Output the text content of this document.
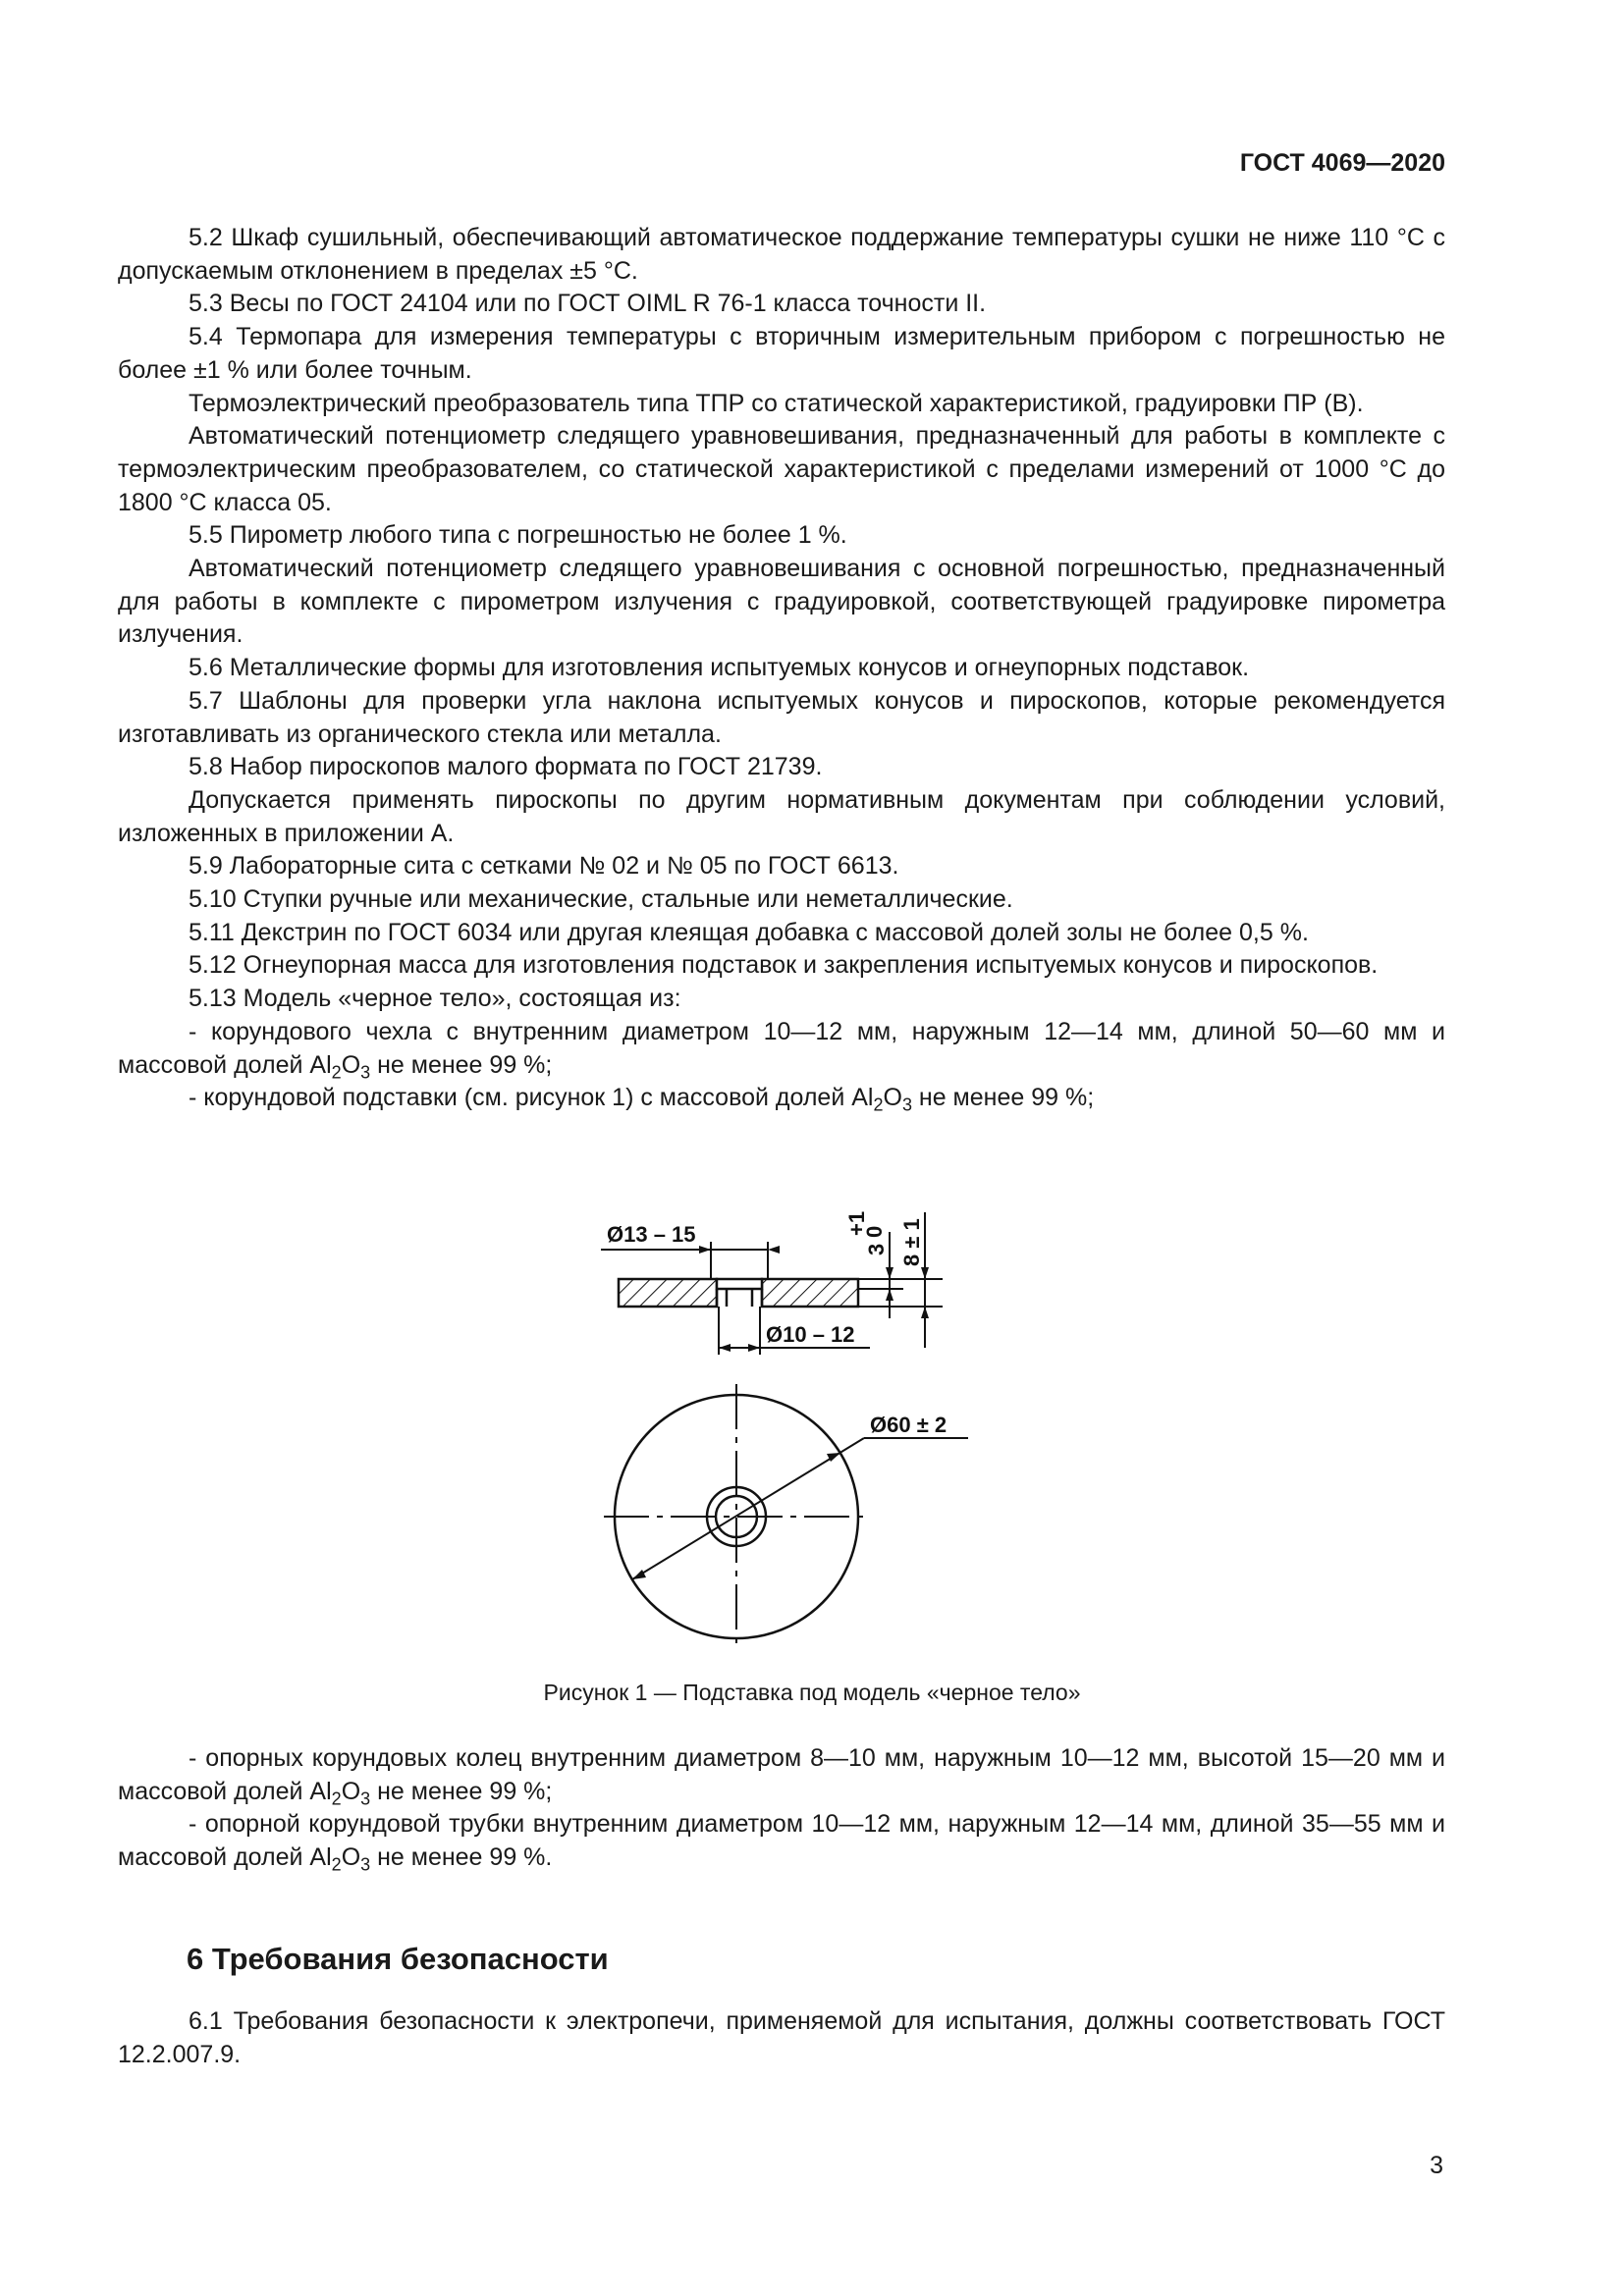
ГОСТ 4069—2020

5.2 Шкаф сушильный, обеспечивающий автоматическое поддержание температуры сушки не ниже 110 °С с допускаемым отклонением в пределах ±5 °С.

5.3 Весы по ГОСТ 24104 или по ГОСТ OIML R 76-1 класса точности II.

5.4 Термопара для измерения температуры с вторичным измерительным прибором с погрешностью не более ±1 % или более точным.

Термоэлектрический преобразователь типа ТПР со статической характеристикой, градуировки ПР (В).

Автоматический потенциометр следящего уравновешивания, предназначенный для работы в комплекте с термоэлектрическим преобразователем, со статической характеристикой с пределами измерений от 1000 °С до 1800 °С класса 05.

5.5 Пирометр любого типа с погрешностью не более 1 %.

Автоматический потенциометр следящего уравновешивания с основной погрешностью, предназначенный для работы в комплекте с пирометром излучения с градуировкой, соответствующей градуировке пирометра излучения.

5.6 Металлические формы для изготовления испытуемых конусов и огнеупорных подставок.

5.7 Шаблоны для проверки угла наклона испытуемых конусов и пироскопов, которые рекомендуется изготавливать из органического стекла или металла.

5.8 Набор пироскопов малого формата по ГОСТ 21739.

Допускается применять пироскопы по другим нормативным документам при соблюдении условий, изложенных в приложении А.

5.9 Лабораторные сита с сетками № 02 и № 05 по ГОСТ 6613.

5.10 Ступки ручные или механические, стальные или неметаллические.

5.11 Декстрин по ГОСТ 6034 или другая клеящая добавка с массовой долей золы не более 0,5 %.

5.12 Огнеупорная масса для изготовления подставок и закрепления испытуемых конусов и пироскопов.

5.13 Модель «черное тело», состоящая из:

- корундового чехла с внутренним диаметром 10—12 мм, наружным 12—14 мм, длиной 50—60 мм и массовой долей $Al_2O_3$ не менее 99 %;

- корундовой подставки (см. рисунок 1) с массовой долей $Al_2O_3$ не менее 99 %;

Ø13 – 15
Ø10 – 12
3
+1
0 8 ± 1
Ø60 ± 2
Рисунок 1 — Подставка под модель «черное тело»

- опорных корундовых колец внутренним диаметром 8—10 мм, наружным 10—12 мм, высотой 15—20 мм и массовой долей $Al_2O_3$ не менее 99 %;

- опорной корундовой трубки внутренним диаметром 10—12 мм, наружным 12—14 мм, длиной 35—55 мм и массовой долей $Al_2O_3$ не менее 99 %.

6 Требования безопасности

6.1 Требования безопасности к электропечи, применяемой для испытания, должны соответствовать ГОСТ 12.2.007.9.

3
